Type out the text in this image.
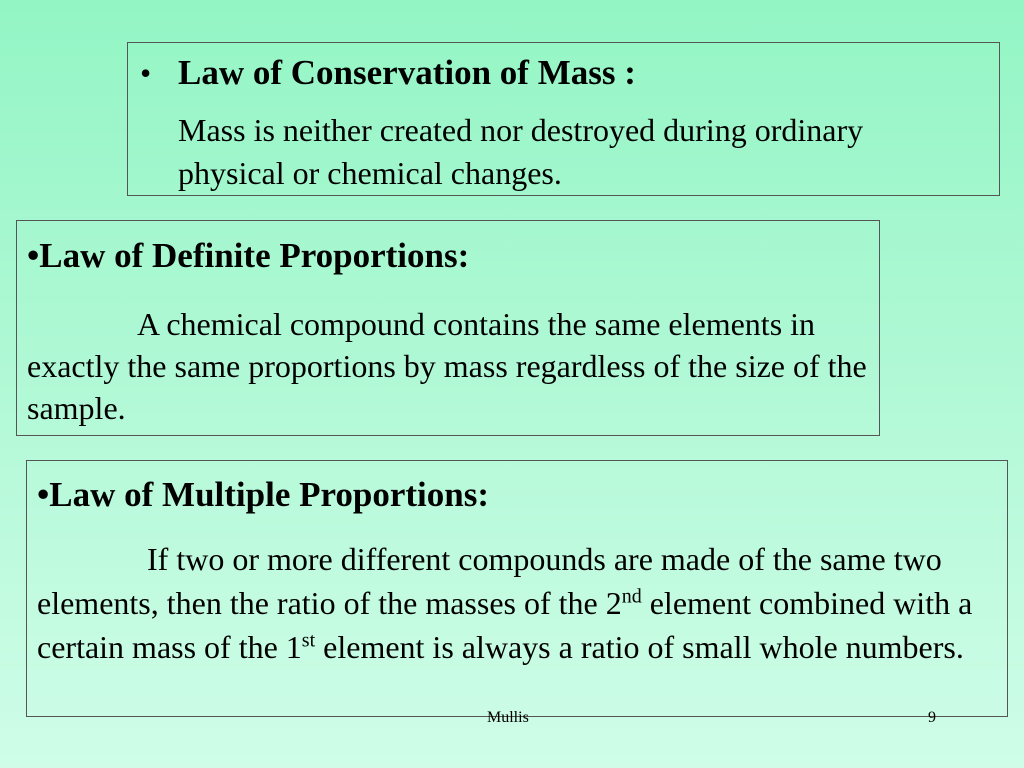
• Law of Conservation of Mass :

Mass is neither created nor destroyed during ordinary physical or chemical changes.

•Law of Definite Proportions:

A chemical compound contains the same elements in exactly the same proportions by mass regardless of the size of the sample.

•Law of Multiple Proportions:

If two or more different compounds are made of the same two elements, then the ratio of the masses of the 2nd element combined with a certain mass of the 1st element is always a ratio of small whole numbers.

Mullis	9
